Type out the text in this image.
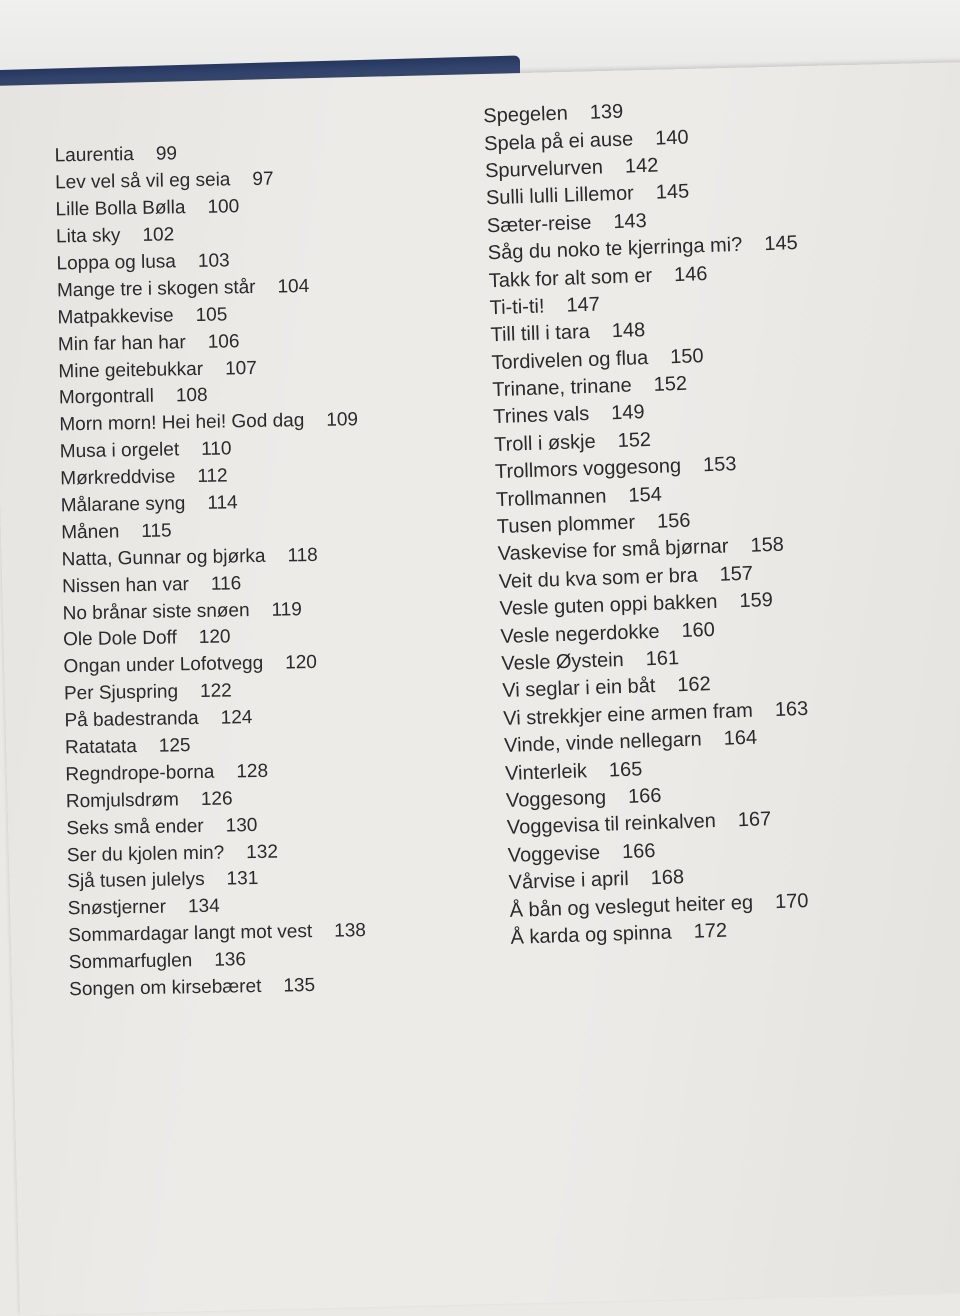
Laurentia 99
Lev vel så vil eg seia 97
Lille Bolla Bølla 100
Lita sky 102
Loppa og lusa 103
Mange tre i skogen står 104
Matpakkevise 105
Min far han har 106
Mine geitebukkar 107
Morgontrall 108
Morn morn! Hei hei! God dag 109
Musa i orgelet 110
Mørkreddvise 112
Målarane syng 114
Månen 115
Natta, Gunnar og bjørka 118
Nissen han var 116
No brånar siste snøen 119
Ole Dole Doff 120
Ongan under Lofotvegg 120
Per Sjuspring 122
På badestranda 124
Ratatata 125
Regndrope-borna 128
Romjulsdrøm 126
Seks små ender 130
Ser du kjolen min? 132
Sjå tusen julelys 131
Snøstjerner 134
Sommardagar langt mot vest 138
Sommarfuglen 136
Songen om kirsebæret 135
Spegelen 139
Spela på ei ause 140
Spurvelurven 142
Sulli lulli Lillemor 145
Sæter-reise 143
Såg du noko te kjerringa mi? 145
Takk for alt som er 146
Ti-ti-ti! 147
Till till i tara 148
Tordivelen og flua 150
Trinane, trinane 152
Trines vals 149
Troll i øskje 152
Trollmors voggesong 153
Trollmannen 154
Tusen plommer 156
Vaskevise for små bjørnar 158
Veit du kva som er bra 157
Vesle guten oppi bakken 159
Vesle negerdokke 160
Vesle Øystein 161
Vi seglar i ein båt 162
Vi strekkjer eine armen fram 163
Vinde, vinde nellegarn 164
Vinterleik 165
Voggesong 166
Voggevisa til reinkalven 167
Voggevise 166
Vårvise i april 168
Å bån og veslegut heiter eg 170
Å karda og spinna 172
